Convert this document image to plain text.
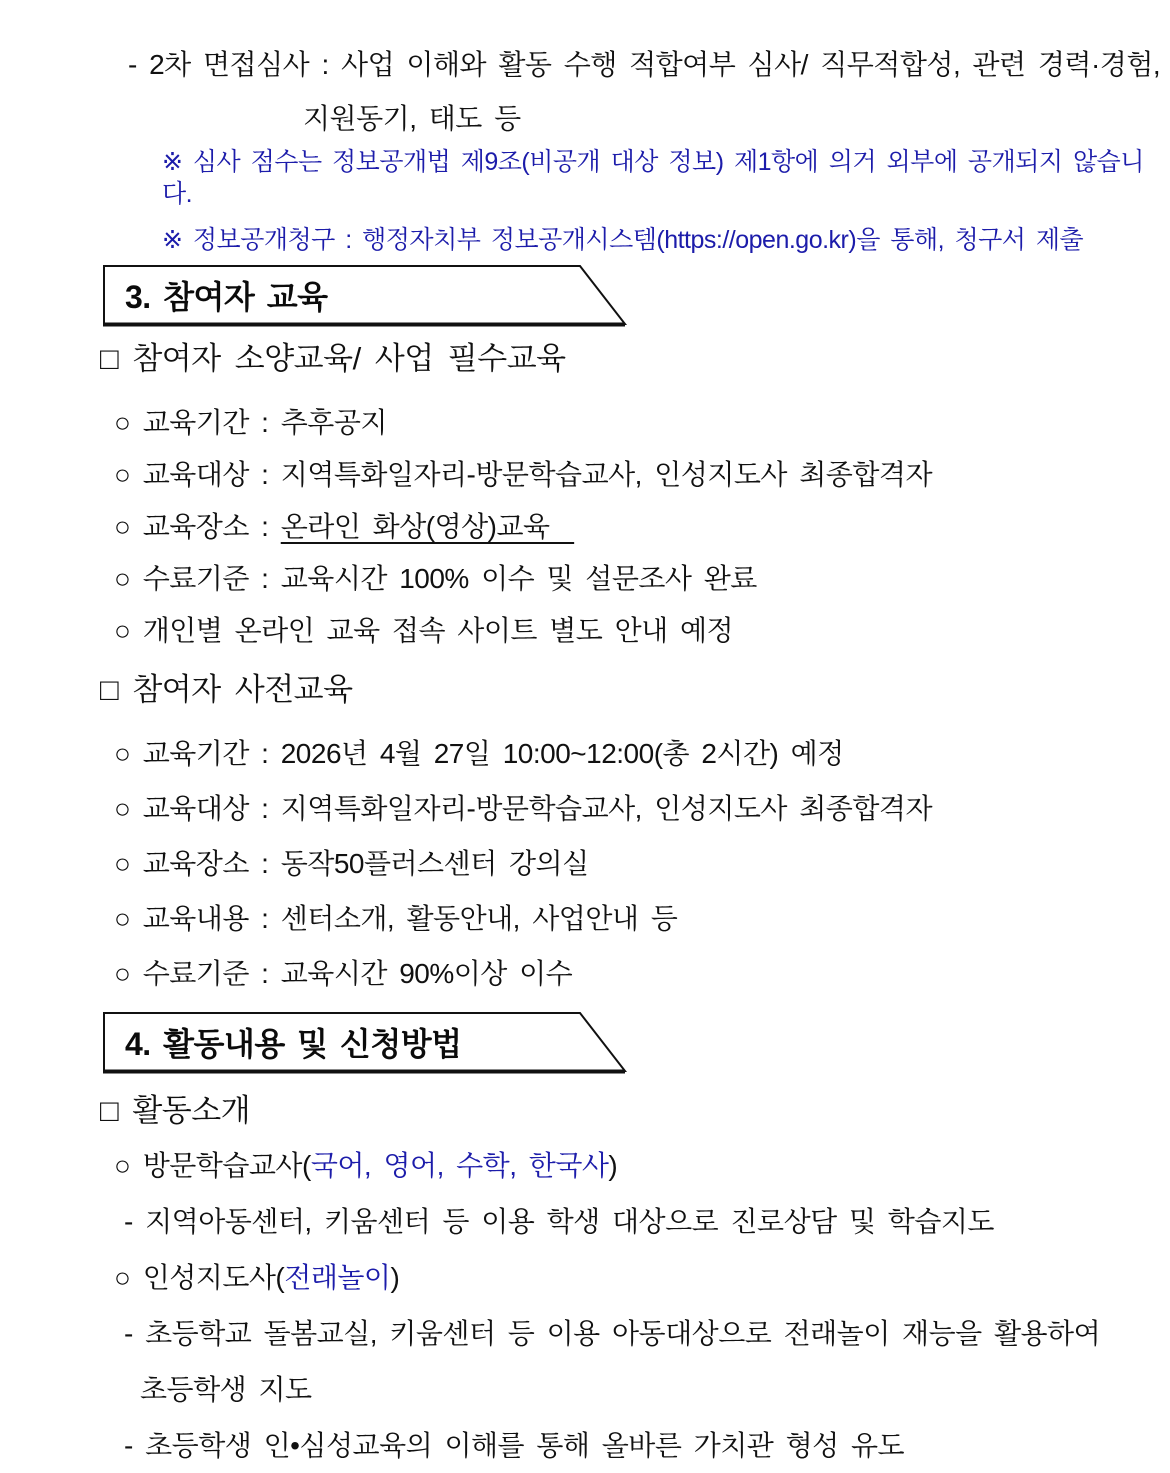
- 2차 면접심사 : 사업 이해와 활동 수행 적합여부 심사/ 직무적합성, 관련 경력·경험,
지원동기, 태도 등
※ 심사 점수는 정보공개법 제9조(비공개 대상 정보) 제1항에 의거 외부에 공개되지 않습니다.
※ 정보공개청구 : 행정자치부 정보공개시스템(https://open.go.kr)을 통해, 청구서 제출
3. 참여자 교육
□ 참여자 소양교육/ 사업 필수교육
○ 교육기간 : 추후공지
○ 교육대상 : 지역특화일자리-방문학습교사, 인성지도사 최종합격자
○ 교육장소 : 온라인 화상(영상)교육
○ 수료기준 : 교육시간 100% 이수 및 설문조사 완료
○ 개인별 온라인 교육 접속 사이트 별도 안내 예정
□ 참여자 사전교육
○ 교육기간 : 2026년 4월 27일 10:00~12:00(총 2시간) 예정
○ 교육대상 : 지역특화일자리-방문학습교사, 인성지도사 최종합격자
○ 교육장소 : 동작50플러스센터 강의실
○ 교육내용 : 센터소개, 활동안내, 사업안내 등
○ 수료기준 : 교육시간 90%이상 이수
4. 활동내용 및 신청방법
□ 활동소개
○ 방문학습교사(국어, 영어, 수학, 한국사)
- 지역아동센터, 키움센터 등 이용 학생 대상으로 진로상담 및 학습지도
○ 인성지도사(전래놀이)
- 초등학교 돌봄교실, 키움센터 등 이용 아동대상으로 전래놀이 재능을 활용하여
초등학생 지도
- 초등학생 인•심성교육의 이해를 통해 올바른 가치관 형성 유도
